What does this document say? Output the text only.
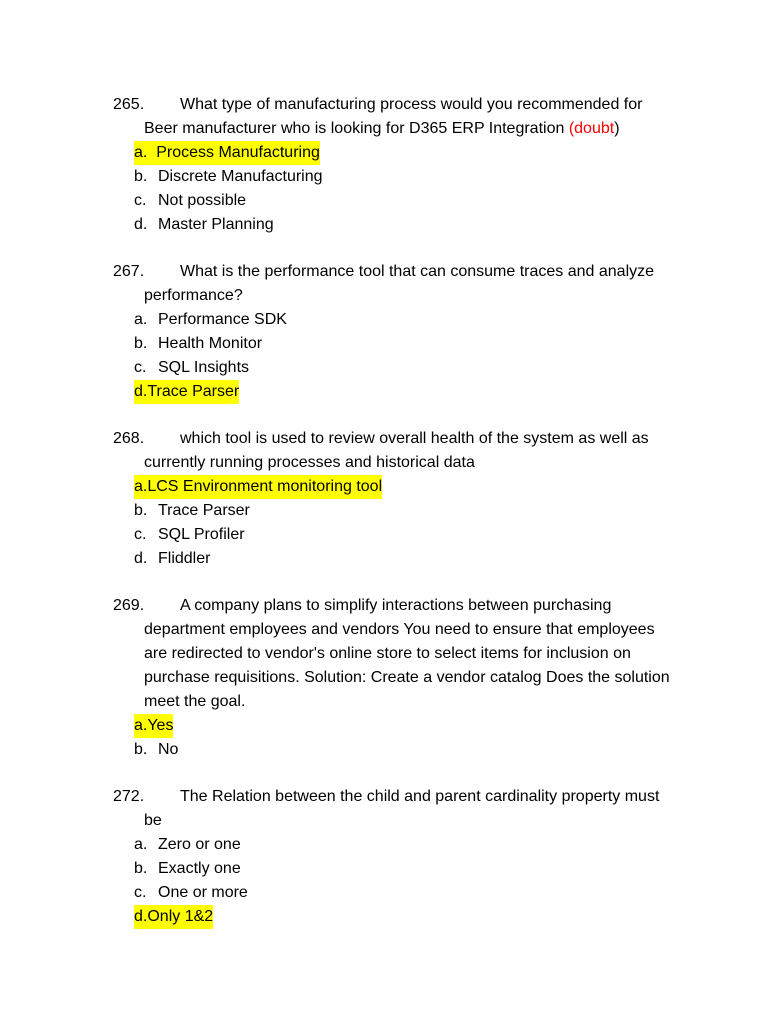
265.	What type of manufacturing process would you recommended for
Beer manufacturer who is looking for D365 ERP Integration (doubt)
a. Process Manufacturing
b. Discrete Manufacturing
c. Not possible
d. Master Planning
267.	What is the performance tool that can consume traces and analyze
performance?
a. Performance SDK
b. Health Monitor
c. SQL Insights
d.Trace Parser
268.	which tool is used to review overall health of the system as well as
currently running processes and historical data
a.LCS Environment monitoring tool
b. Trace Parser
c. SQL Profiler
d. Fliddler
269.	A company plans to simplify interactions between purchasing
department employees and vendors You need to ensure that employees
are redirected to vendor's online store to select items for inclusion on
purchase requisitions. Solution: Create a vendor catalog Does the solution
meet the goal.
a.Yes
b. No
272.	The Relation between the child and parent cardinality property must
be
a. Zero or one
b. Exactly one
c. One or more
d.Only 1&2
